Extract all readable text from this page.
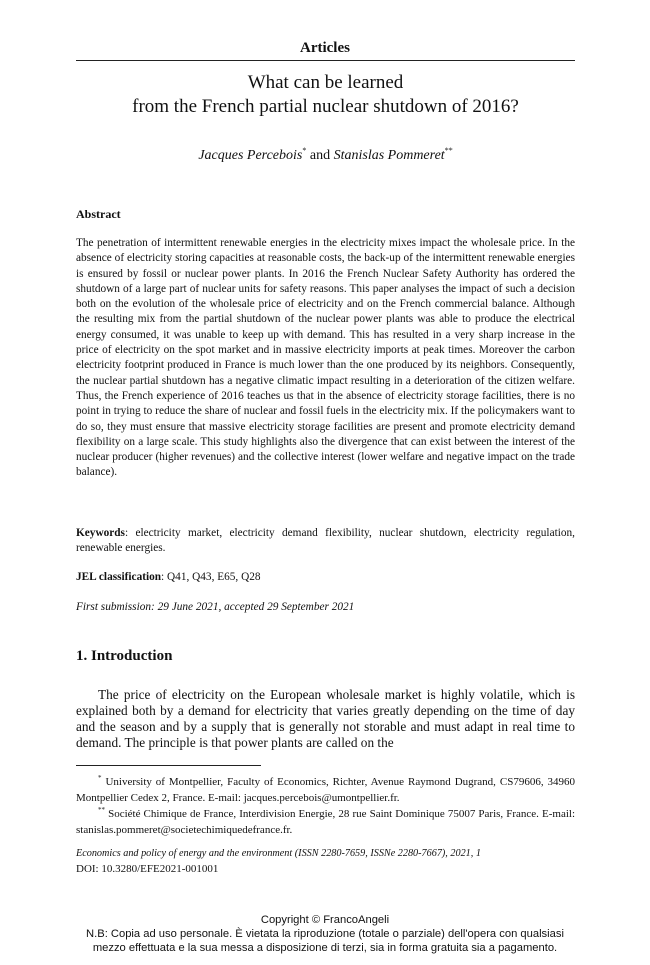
Articles
What can be learned
from the French partial nuclear shutdown of 2016?
Jacques Percebois* and Stanislas Pommeret**
Abstract

The penetration of intermittent renewable energies in the electricity mixes impact the wholesale price. In the absence of electricity storing capacities at reasonable costs, the back-up of the intermittent renewable energies is ensured by fossil or nuclear power plants. In 2016 the French Nuclear Safety Authority has ordered the shutdown of a large part of nuclear units for safety reasons. This paper analyses the impact of such a decision both on the evolution of the wholesale price of electricity and on the French commercial balance. Although the resulting mix from the partial shutdown of the nuclear power plants was able to produce the electrical energy consumed, it was unable to keep up with demand. This has resulted in a very sharp increase in the price of electricity on the spot market and in massive electricity imports at peak times. Moreover the carbon electricity footprint produced in France is much lower than the one produced by its neighbors. Consequently, the nuclear partial shutdown has a negative climatic impact resulting in a deterioration of the citizen welfare. Thus, the French experience of 2016 teaches us that in the absence of electricity storage facilities, there is no point in trying to reduce the share of nuclear and fossil fuels in the electricity mix. If the policymakers want to do so, they must ensure that massive electricity storage facilities are present and promote electricity demand flexibility on a large scale. This study highlights also the divergence that can exist between the interest of the nuclear producer (higher revenues) and the collective interest (lower welfare and negative impact on the trade balance).

Keywords: electricity market, electricity demand flexibility, nuclear shutdown, electricity regulation, renewable energies.

JEL classification: Q41, Q43, E65, Q28

First submission: 29 June 2021, accepted 29 September 2021

1. Introduction

The price of electricity on the European wholesale market is highly volatile, which is explained both by a demand for electricity that varies greatly depending on the time of day and the season and by a supply that is generally not storable and must adapt in real time to demand. The principle is that power plants are called on the

* University of Montpellier, Faculty of Economics, Richter, Avenue Raymond Dugrand, CS79606, 34960 Montpellier Cedex 2, France. E-mail: jacques.percebois@umontpellier.fr.

** Société Chimique de France, Interdivision Energie, 28 rue Saint Dominique 75007 Paris, France. E-mail: stanislas.pommeret@societechimiquedefrance.fr.

Economics and policy of energy and the environment (ISSN 2280-7659, ISSNe 2280-7667), 2021, 1

DOI: 10.3280/EFE2021-001001

Copyright © FrancoAngeli
N.B: Copia ad uso personale. È vietata la riproduzione (totale o parziale) dell'opera con qualsiasi
mezzo effettuata e la sua messa a disposizione di terzi, sia in forma gratuita sia a pagamento.
